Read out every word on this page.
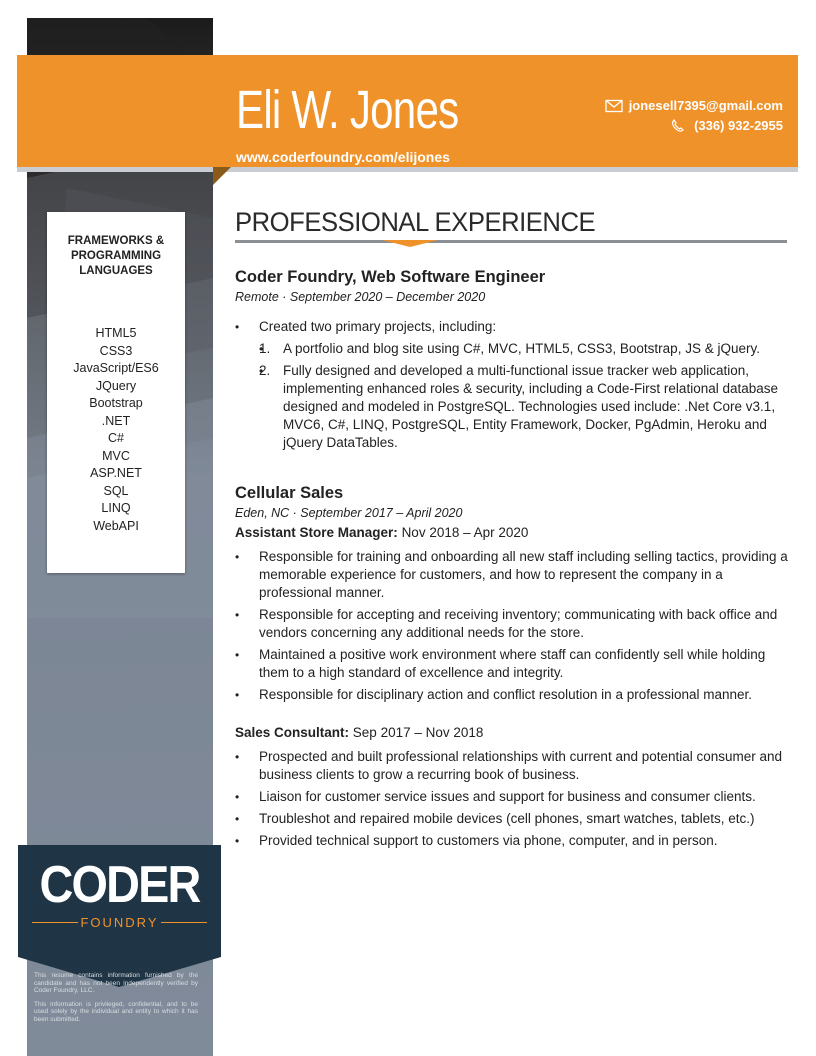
FRAMEWORKS & PROGRAMMING LANGUAGES
HTML5
CSS3
JavaScript/ES6
JQuery
Bootstrap
.NET
C#
MVC
ASP.NET
SQL
LINQ
WebAPI
Eli W. Jones
www.coderfoundry.com/elijones
jonesell7395@gmail.com
(336) 932-2955
PROFESSIONAL EXPERIENCE
Coder Foundry, Web Software Engineer
Remote · September 2020 – December 2020
• Created two primary projects, including:
• 1. A portfolio and blog site using C#, MVC, HTML5, CSS3, Bootstrap, JS & jQuery.
• 2. Fully designed and developed a multi-functional issue tracker web application, implementing enhanced roles & security, including a Code-First relational database designed and modeled in PostgreSQL. Technologies used include: .Net Core v3.1, MVC6, C#, LINQ, PostgreSQL, Entity Framework, Docker, PgAdmin, Heroku and jQuery DataTables.
Cellular Sales
Eden, NC · September 2017 – April 2020
Assistant Store Manager: Nov 2018 – Apr 2020
• Responsible for training and onboarding all new staff including selling tactics, providing a memorable experience for customers, and how to represent the company in a professional manner.
• Responsible for accepting and receiving inventory; communicating with back office and vendors concerning any additional needs for the store.
• Maintained a positive work environment where staff can confidently sell while holding them to a high standard of excellence and integrity.
• Responsible for disciplinary action and conflict resolution in a professional manner.
Sales Consultant: Sep 2017 – Nov 2018
• Prospected and built professional relationships with current and potential consumer and business clients to grow a recurring book of business.
• Liaison for customer service issues and support for business and consumer clients.
• Troubleshot and repaired mobile devices (cell phones, smart watches, tablets, etc.)
• Provided technical support to customers via phone, computer, and in person.
CODER
FOUNDRY

This resume contains information furnished by the candidate and has not been independently verified by Coder Foundry, LLC.

This information is privileged, confidential, and to be used solely by the individual and entity to which it has been submitted.
